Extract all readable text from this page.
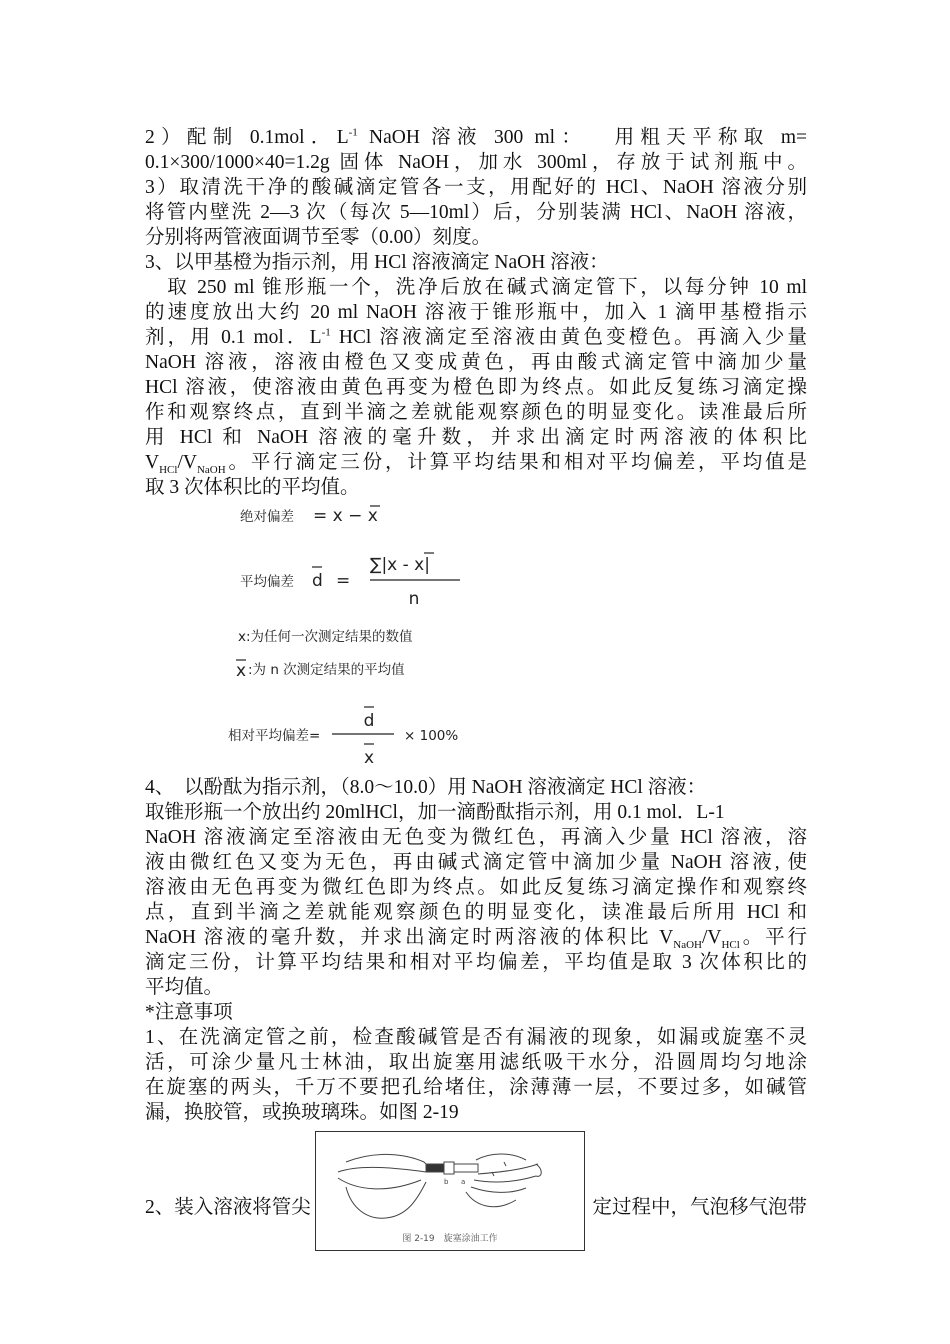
2）配制 0.1mol．$L^{-1}$ NaOH 溶液 300 ml：　 用粗天平称取 m=
0.1×300/1000×40=1.2g 固体 NaOH，加水 300ml，存放于试剂瓶中。
3）取清洗干净的酸碱滴定管各一支，用配好的 HCl、NaOH 溶液分别
将管内壁洗 2—3 次（每次 5—10ml）后，分别装满 HCl、NaOH 溶液，
分别将两管液面调节至零（0.00）刻度。
3、以甲基橙为指示剂，用 HCl 溶液滴定 NaOH 溶液：
　取 250 ml 锥形瓶一个，洗净后放在碱式滴定管下，以每分钟 10 ml
的速度放出大约 20 ml NaOH 溶液于锥形瓶中，加入 1 滴甲基橙指示
剂，用 0.1 mol．$L^{-1}$ HCl 溶液滴定至溶液由黄色变橙色。再滴入少量
NaOH 溶液，溶液由橙色又变成黄色，再由酸式滴定管中滴加少量
HCl 溶液，使溶液由黄色再变为橙色即为终点。如此反复练习滴定操
作和观察终点，直到半滴之差就能观察颜色的明显变化。读准最后所
用 HCl 和 NaOH 溶液的毫升数，并求出滴定时两溶液的体积比
$V_{HCl}/V_{NaOH}$。平行滴定三份，计算平均结果和相对平均偏差，平均值是
取 3 次体积比的平均值。
绝对偏差 = x − x
平均偏差 d =
∑|x - x|
n
x:为任何一次测定结果的数值
x :为 n 次测定结果的平均值
相对平均偏差=
d
x
× 100%
4、　以酚酞为指示剂，（8.0～10.0）用 NaOH 溶液滴定 HCl 溶液：
取锥形瓶一个放出约 20mlHCl，加一滴酚酞指示剂，用 0.1 mol．L-1
NaOH 溶液滴定至溶液由无色变为微红色，再滴入少量 HCl 溶液，溶
液由微红色又变为无色，再由碱式滴定管中滴加少量 NaOH 溶液, 使
溶液由无色再变为微红色即为终点。如此反复练习滴定操作和观察终
点，直到半滴之差就能观察颜色的明显变化，读准最后所用 HCl 和
NaOH 溶液的毫升数，并求出滴定时两溶液的体积比 $V_{NaOH}/V_{HCl}$。平行
滴定三份，计算平均结果和相对平均偏差，平均值是取 3 次体积比的
平均值。
*注意事项
1、在洗滴定管之前，检查酸碱管是否有漏液的现象，如漏或旋塞不灵
活，可涂少量凡士林油，取出旋塞用滤纸吸干水分，沿圆周均匀地涂
在旋塞的两头，千万不要把孔给堵住，涂薄薄一层，不要过多，如碱管
漏，换胶管，或换玻璃珠。如图 2-19
2、装入溶液将管尖	定过程中，气泡移气泡带
b a
图 2-19　旋塞涂油工作
